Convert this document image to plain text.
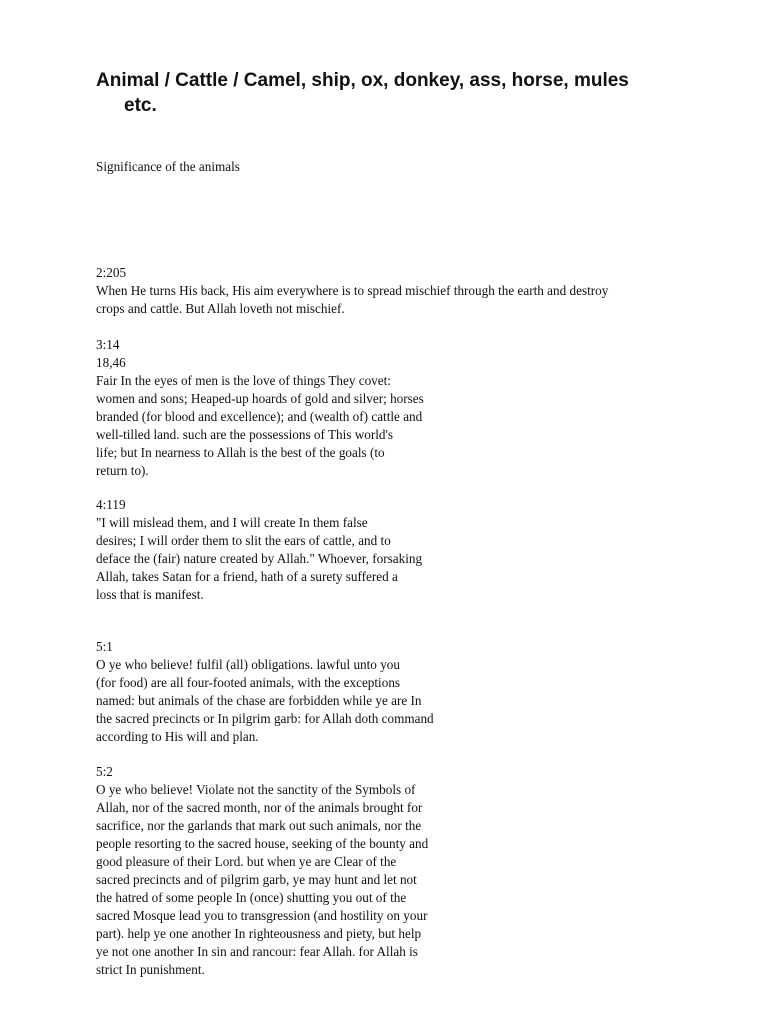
Animal / Cattle / Camel, ship, ox, donkey, ass, horse, mules
etc.
Significance of the animals
2:205
When He turns His back, His aim everywhere is to spread mischief through the earth and destroy
crops and cattle. But Allah loveth not mischief.
3:14
18,46
Fair In the eyes of men is the love of things They covet:
women and sons; Heaped-up hoards of gold and silver; horses
branded (for blood and excellence); and (wealth of) cattle and
well-tilled land. such are the possessions of This world's
life; but In nearness to Allah is the best of the goals (to
return to).
4:119
"I will mislead them, and I will create In them false
desires; I will order them to slit the ears of cattle, and to
deface the (fair) nature created by Allah." Whoever, forsaking
Allah, takes Satan for a friend, hath of a surety suffered a
loss that is manifest.
5:1
O ye who believe! fulfil (all) obligations. lawful unto you
(for food) are all four-footed animals, with the exceptions
named: but animals of the chase are forbidden while ye are In
the sacred precincts or In pilgrim garb: for Allah doth command
according to His will and plan.
5:2
O ye who believe! Violate not the sanctity of the Symbols of
Allah, nor of the sacred month, nor of the animals brought for
sacrifice, nor the garlands that mark out such animals, nor the
people resorting to the sacred house, seeking of the bounty and
good pleasure of their Lord. but when ye are Clear of the
sacred precincts and of pilgrim garb, ye may hunt and let not
the hatred of some people In (once) shutting you out of the
sacred Mosque lead you to transgression (and hostility on your
part). help ye one another In righteousness and piety, but help
ye not one another In sin and rancour: fear Allah. for Allah is
strict In punishment.
